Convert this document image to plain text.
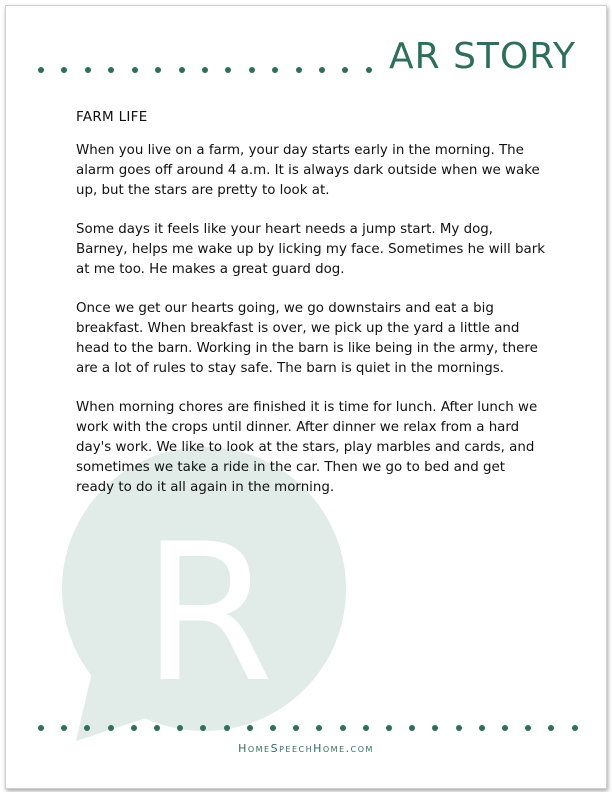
R
AR STORY
FARM LIFE

When you live on a farm, your day starts early in the morning. The alarm goes off around 4 a.m. It is always dark outside when we wake up, but the stars are pretty to look at.

Some days it feels like your heart needs a jump start. My dog, Barney, helps me wake up by licking my face. Sometimes he will bark at me too. He makes a great guard dog.

Once we get our hearts going, we go downstairs and eat a big breakfast. When breakfast is over, we pick up the yard a little and head to the barn. Working in the barn is like being in the army, there are a lot of rules to stay safe. The barn is quiet in the mornings.

When morning chores are finished it is time for lunch. After lunch we work with the crops until dinner. After dinner we relax from a hard day's work. We like to look at the stars, play marbles and cards, and sometimes we take a ride in the car. Then we go to bed and get ready to do it all again in the morning.

HomeSpeechHome.com
